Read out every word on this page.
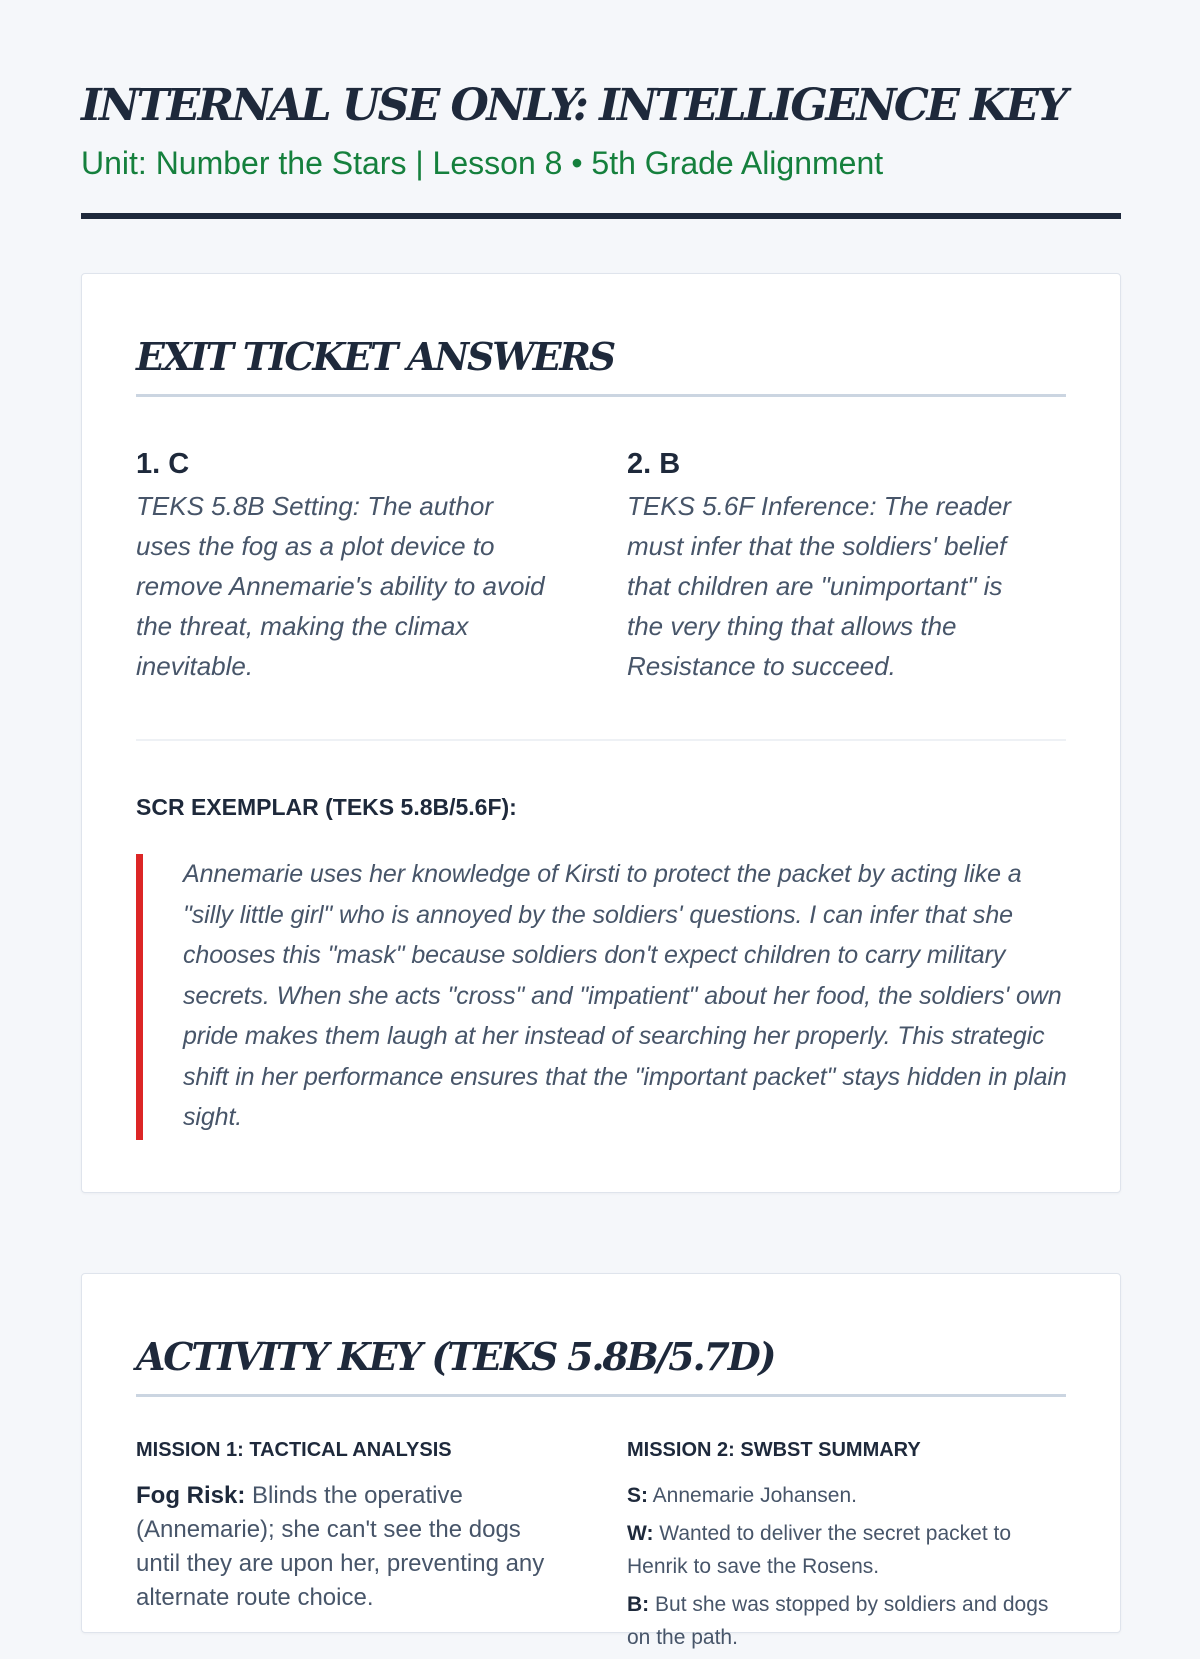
INTERNAL USE ONLY: INTELLIGENCE KEY
Unit: Number the Stars | Lesson 8 • 5th Grade Alignment
EXIT TICKET ANSWERS
1. C
TEKS 5.8B Setting: The author uses the fog as a plot device to remove Annemarie's ability to avoid the threat, making the climax inevitable.
2. B
TEKS 5.6F Inference: The reader must infer that the soldiers' belief that children are "unimportant" is the very thing that allows the Resistance to succeed.
SCR EXEMPLAR (TEKS 5.8B/5.6F):

Annemarie uses her knowledge of Kirsti to protect the packet by acting like a "silly little girl" who is annoyed by the soldiers' questions. I can infer that she chooses this "mask" because soldiers don't expect children to carry military secrets. When she acts "cross" and "impatient" about her food, the soldiers' own pride makes them laugh at her instead of searching her properly. This strategic shift in her performance ensures that the "important packet" stays hidden in plain sight.

ACTIVITY KEY (TEKS 5.8B/5.7D)
MISSION 1: TACTICAL ANALYSIS
Fog Risk: Blinds the operative (Annemarie); she can't see the dogs until they are upon her, preventing any alternate route choice.
MISSION 2: SWBST SUMMARY
S: Annemarie Johansen.
W: Wanted to deliver the secret packet to Henrik to save the Rosens.
B: But she was stopped by soldiers and dogs on the path.
